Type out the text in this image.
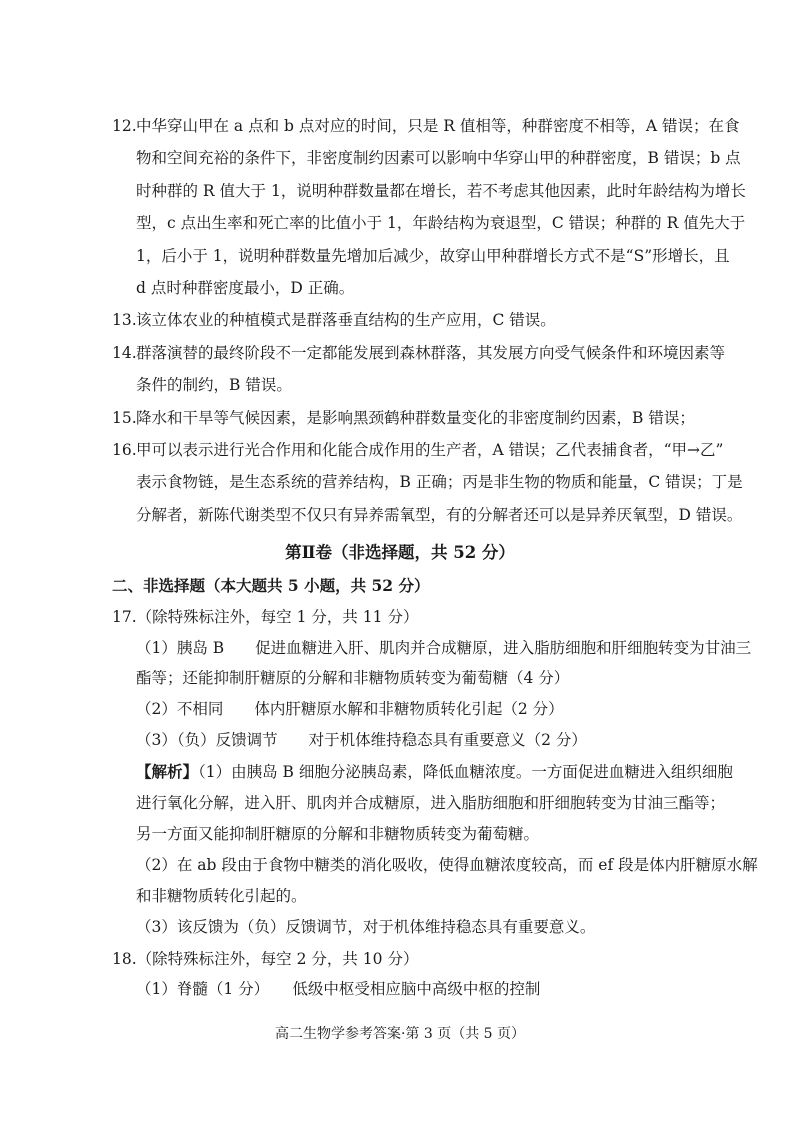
12. 中华穿山甲在 a 点和 b 点对应的时间，只是 R 值相等，种群密度不相等，A 错误；在食
物和空间充裕的条件下，非密度制约因素可以影响中华穿山甲的种群密度，B 错误；b 点
时种群的 R 值大于 1，说明种群数量都在增长，若不考虑其他因素，此时年龄结构为增长
型，c 点出生率和死亡率的比值小于 1，年龄结构为衰退型，C 错误；种群的 R 值先大于
1，后小于 1，说明种群数量先增加后减少，故穿山甲种群增长方式不是“S”形增长，且
d 点时种群密度最小，D 正确。
13. 该立体农业的种植模式是群落垂直结构的生产应用，C 错误。
14. 群落演替的最终阶段不一定都能发展到森林群落，其发展方向受气候条件和环境因素等
条件的制约，B 错误。
15. 降水和干旱等气候因素，是影响黑颈鹤种群数量变化的非密度制约因素，B 错误；
16. 甲可以表示进行光合作用和化能合成作用的生产者，A 错误；乙代表捕食者，“甲→乙”
表示食物链，是生态系统的营养结构，B 正确；丙是非生物的物质和能量，C 错误；丁是
分解者，新陈代谢类型不仅只有异养需氧型，有的分解者还可以是异养厌氧型，D 错误。
第Ⅱ卷（非选择题，共 52 分）
二、非选择题（本大题共 5 小题，共 52 分）
17.（除特殊标注外，每空 1 分，共 11 分）
（1）胰岛 B　　促进血糖进入肝、肌肉并合成糖原，进入脂肪细胞和肝细胞转变为甘油三
酯等；还能抑制肝糖原的分解和非糖物质转变为葡萄糖（4 分）
（2）不相同　　体内肝糖原水解和非糖物质转化引起（2 分）
（3）（负）反馈调节　　对于机体维持稳态具有重要意义（2 分）
【解析】（1）由胰岛 B 细胞分泌胰岛素，降低血糖浓度。一方面促进血糖进入组织细胞
进行氧化分解，进入肝、肌肉并合成糖原，进入脂肪细胞和肝细胞转变为甘油三酯等；
另一方面又能抑制肝糖原的分解和非糖物质转变为葡萄糖。
（2）在 ab 段由于食物中糖类的消化吸收，使得血糖浓度较高，而 ef 段是体内肝糖原水解
和非糖物质转化引起的。
（3）该反馈为（负）反馈调节，对于机体维持稳态具有重要意义。
18.（除特殊标注外，每空 2 分，共 10 分）
（1）脊髓（1 分）　　低级中枢受相应脑中高级中枢的控制
高二生物学参考答案·第 3 页（共 5 页）
